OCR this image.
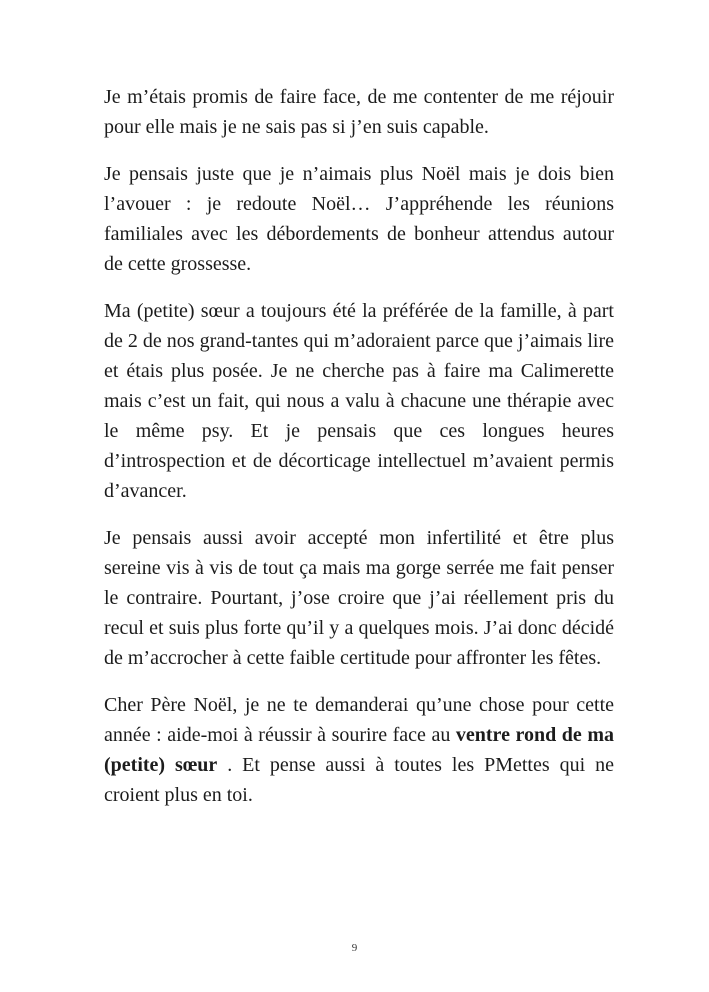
Je m’étais promis de faire face, de me contenter de me réjouir pour elle mais je ne sais pas si j’en suis capable.

Je pensais juste que je n’aimais plus Noël mais je dois bien l’avouer : je redoute Noël… J’appréhende les réunions familiales avec les débordements de bonheur attendus autour de cette grossesse.

Ma (petite) sœur a toujours été la préférée de la famille, à part de 2 de nos grand-tantes qui m’adoraient parce que j’aimais lire et étais plus posée. Je ne cherche pas à faire ma Calimerette mais c’est un fait, qui nous a valu à chacune une thérapie avec le même psy. Et je pensais que ces longues heures d’introspection et de décorticage intellectuel m’avaient permis d’avancer.

Je pensais aussi avoir accepté mon infertilité et être plus sereine vis à vis de tout ça mais ma gorge serrée me fait penser le contraire. Pourtant, j’ose croire que j’ai réellement pris du recul et suis plus forte qu’il y a quelques mois. J’ai donc décidé de m’accrocher à cette faible certitude pour affronter les fêtes.

Cher Père Noël, je ne te demanderai qu’une chose pour cette année : aide-moi à réussir à sourire face au ventre rond de ma (petite) sœur . Et pense aussi à toutes les PMettes qui ne croient plus en toi.

9
